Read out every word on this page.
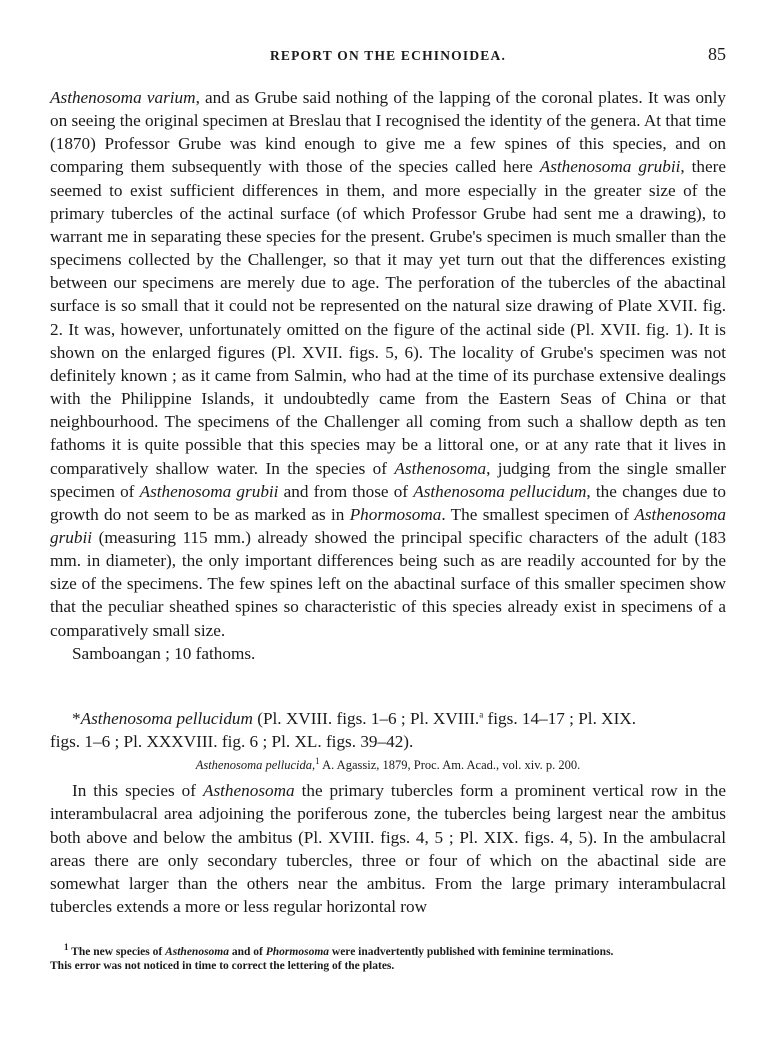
REPORT ON THE ECHINOIDEA.	85

Asthenosoma varium, and as Grube said nothing of the lapping of the coronal plates. It was only on seeing the original specimen at Breslau that I recognised the identity of the genera. At that time (1870) Professor Grube was kind enough to give me a few spines of this species, and on comparing them subsequently with those of the species called here Asthenosoma grubii, there seemed to exist sufficient differences in them, and more especially in the greater size of the primary tubercles of the actinal surface (of which Professor Grube had sent me a drawing), to warrant me in separating these species for the present. Grube's specimen is much smaller than the specimens collected by the Challenger, so that it may yet turn out that the differences existing between our specimens are merely due to age. The perforation of the tubercles of the abactinal surface is so small that it could not be represented on the natural size drawing of Plate XVII. fig. 2. It was, however, unfortunately omitted on the figure of the actinal side (Pl. XVII. fig. 1). It is shown on the enlarged figures (Pl. XVII. figs. 5, 6). The locality of Grube's specimen was not definitely known ; as it came from Salmin, who had at the time of its purchase extensive dealings with the Philippine Islands, it undoubtedly came from the Eastern Seas of China or that neighbourhood. The specimens of the Challenger all coming from such a shallow depth as ten fathoms it is quite possible that this species may be a littoral one, or at any rate that it lives in comparatively shallow water. In the species of Asthenosoma, judging from the single smaller specimen of Asthenosoma grubii and from those of Asthenosoma pellucidum, the changes due to growth do not seem to be as marked as in Phormosoma. The smallest specimen of Asthenosoma grubii (measuring 115 mm.) already showed the principal specific characters of the adult (183 mm. in diameter), the only important differences being such as are readily accounted for by the size of the specimens. The few spines left on the abactinal surface of this smaller specimen show that the peculiar sheathed spines so characteristic of this species already exist in specimens of a comparatively small size.

Samboangan ; 10 fathoms.

*Asthenosoma pellucidum (Pl. XVIII. figs. 1–6 ; Pl. XVIII.$^a$ figs. 14–17 ; Pl. XIX.
figs. 1–6 ; Pl. XXXVIII. fig. 6 ; Pl. XL. figs. 39–42).

Asthenosoma pellucida,$^1$ A. Agassiz, 1879, Proc. Am. Acad., vol. xiv. p. 200.

In this species of Asthenosoma the primary tubercles form a prominent vertical row in the interambulacral area adjoining the poriferous zone, the tubercles being largest near the ambitus both above and below the ambitus (Pl. XVIII. figs. 4, 5 ; Pl. XIX. figs. 4, 5). In the ambulacral areas there are only secondary tubercles, three or four of which on the abactinal side are somewhat larger than the others near the ambitus. From the large primary interambulacral tubercles extends a more or less regular horizontal row

$^1$ The new species of Asthenosoma and of Phormosoma were inadvertently published with feminine terminations.

This error was not noticed in time to correct the lettering of the plates.
